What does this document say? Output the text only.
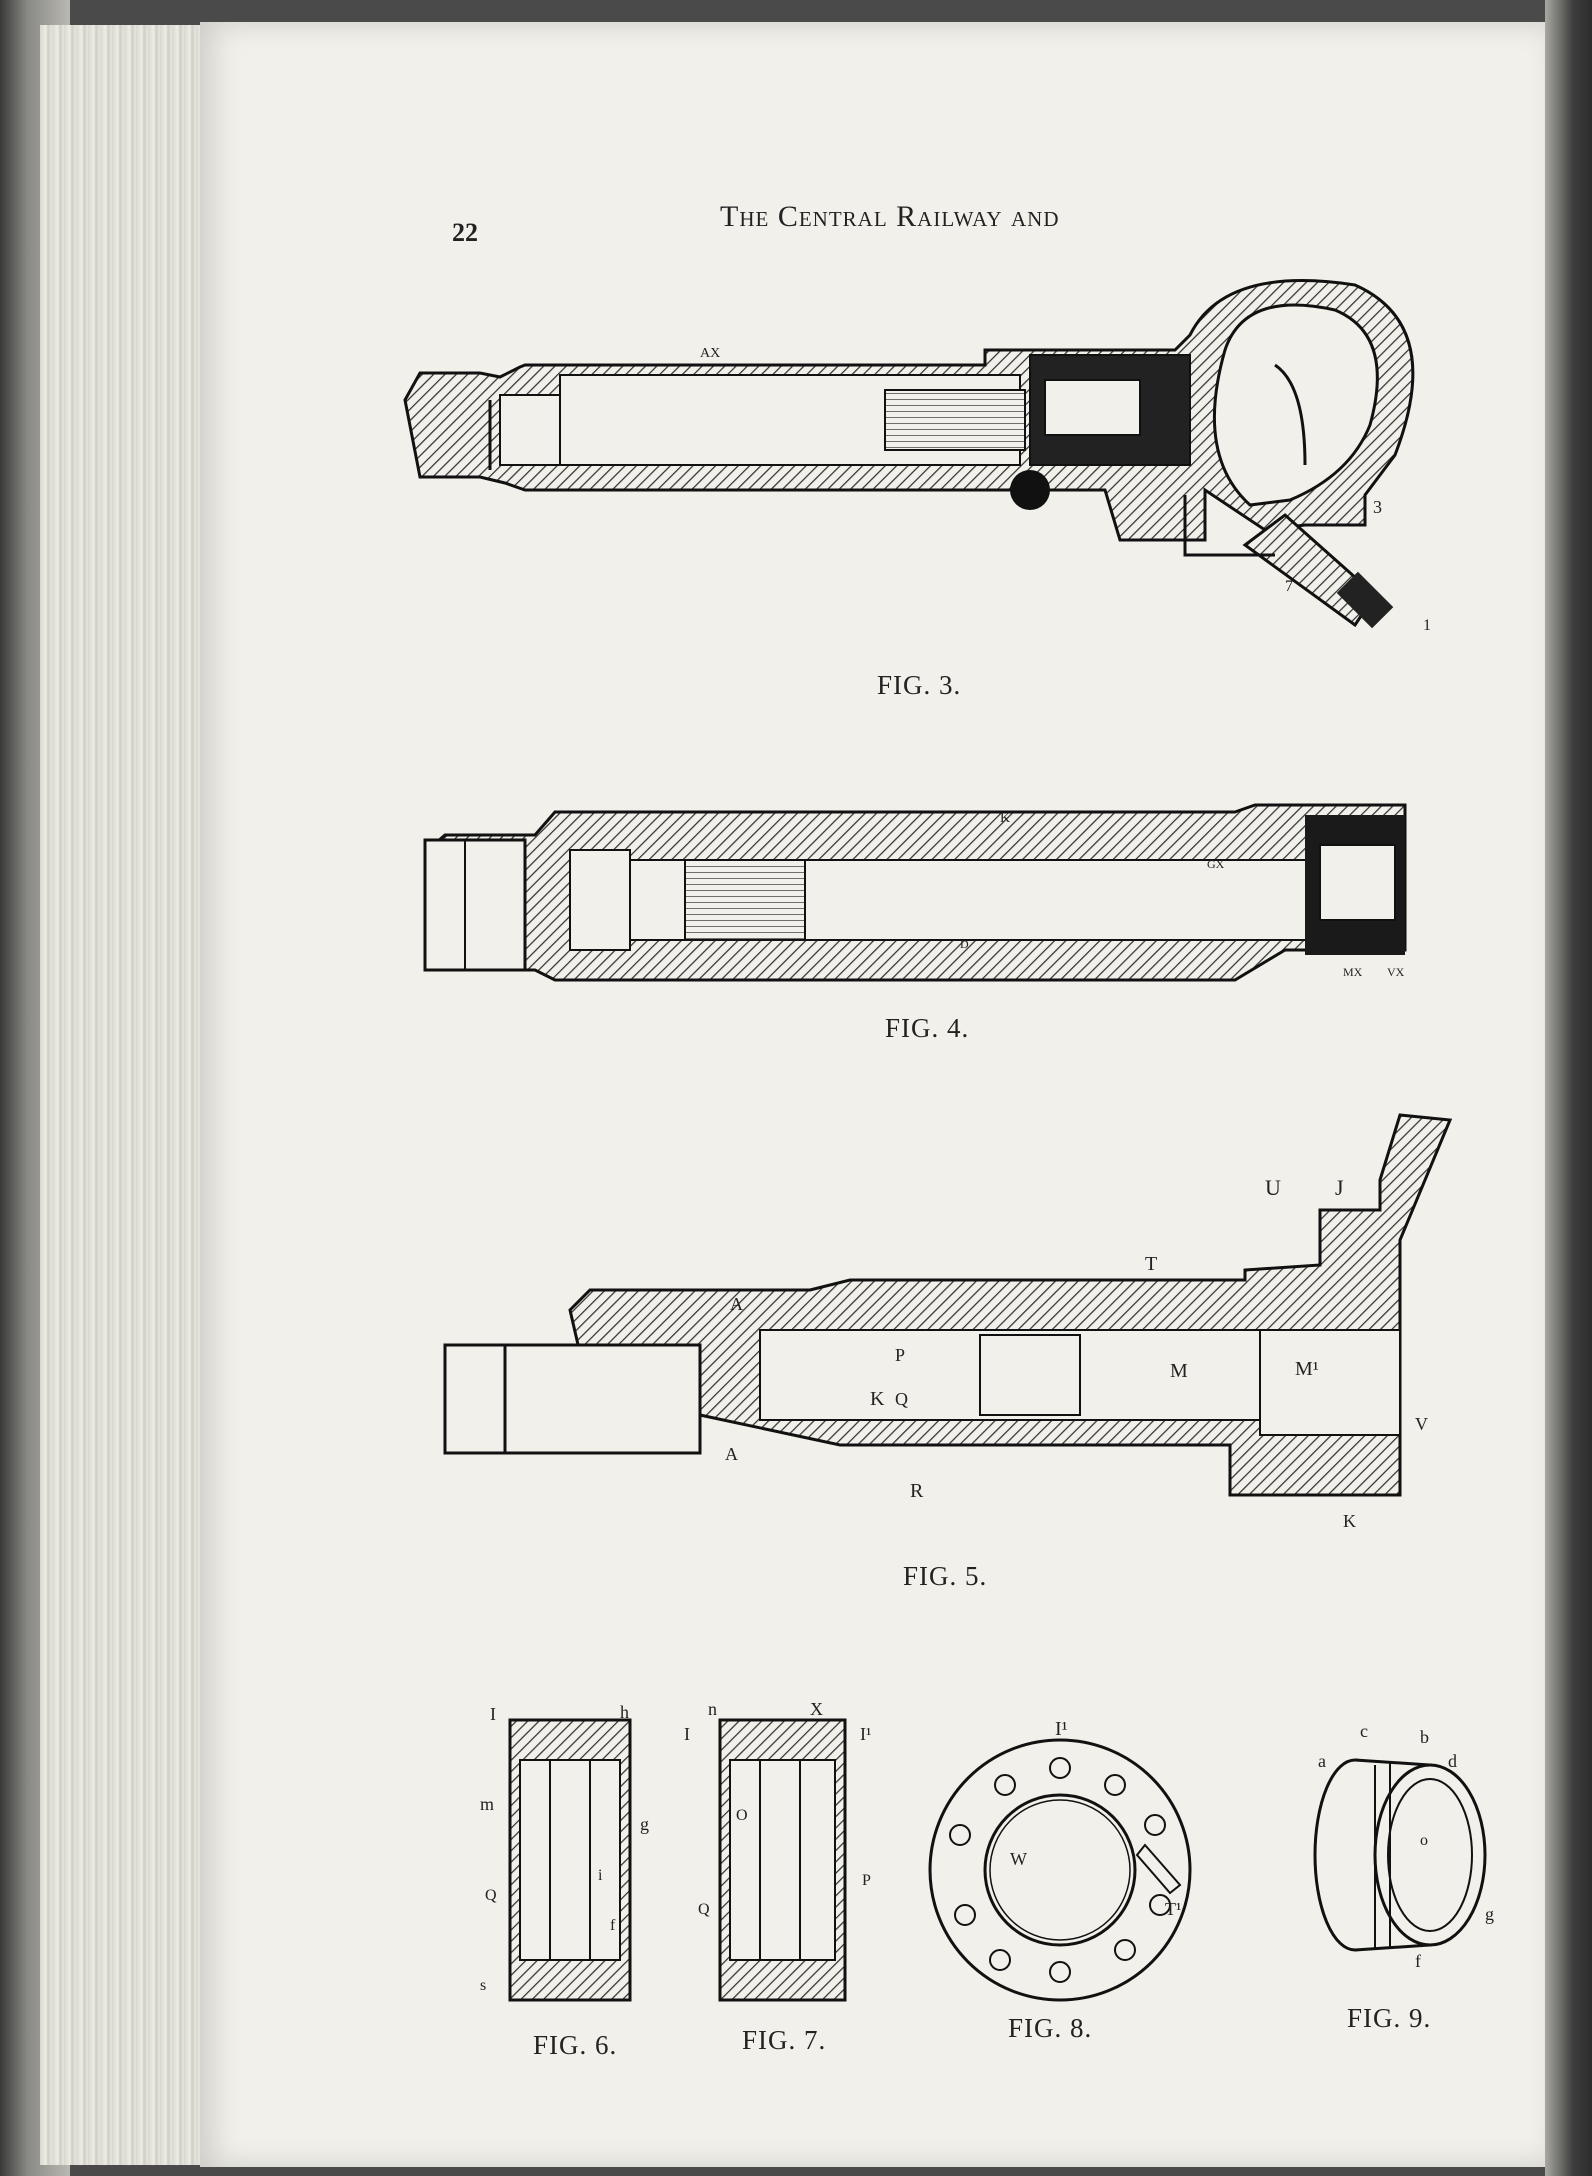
22	The Central Railway and
AX
3
7
1
FIG. 3.
K
GX
MX VX
D
FIG. 4.
K
M	M¹
P
Q
U J
T
A
A
R
K
V
FIG. 5.
I	h
m
g
Q
i
f
s
FIG. 6.
n	X
I	I¹
O
Q
P
FIG. 7.
I¹
W
T¹
FIG. 8.
c	b
a	d
o
g
f
FIG. 9.
